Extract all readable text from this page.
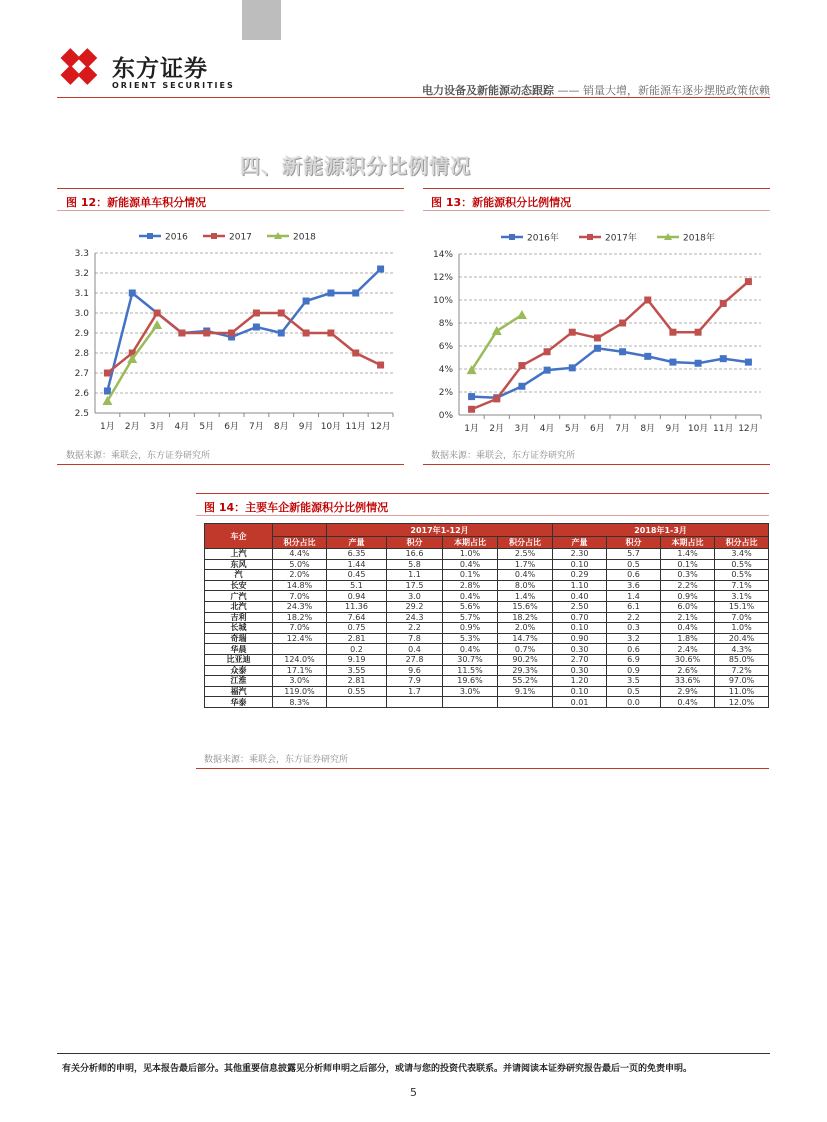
东方证券
ORIENT SECURITIES	电力设备及新能源动态跟踪 —— 销量大增，新能源车逐步摆脱政策依赖
四、新能源积分比例情况
图 12：新能源单车积分情况
2016	2017	2018
2.5
2.6
2.7
2.8
2.9
3.0
3.1
3.2
3.3
1月 2月 3月 4月 5月 6月 7月 8月 9月 10月 11月 12月
数据来源：乘联会，东方证券研究所
图 13：新能源积分比例情况
2016年	2017年	2018年
0%
2%
4%
6%
8%
10%
12%
14%
1月 2月 3月 4月 5月 6月 7月 8月 9月 10月 11月 12月
数据来源：乘联会，东方证券研究所
图 14：主要车企新能源积分比例情况
车企		2017年1-12月				2018年1-3月			
	积分占比	产量	积分	本期占比	积分占比	产量	积分	本期占比	积分占比
上汽	4.4%	6.35	16.6	1.0%	2.5%	2.30	5.7	1.4%	3.4%
东风	5.0%	1.44	5.8	0.4%	1.7%	0.10	0.5	0.1%	0.5%
汽	2.0%	0.45	1.1	0.1%	0.4%	0.29	0.6	0.3%	0.5%
长安	14.8%	5.1	17.5	2.8%	8.0%	1.10	3.6	2.2%	7.1%
广汽	7.0%	0.94	3.0	0.4%	1.4%	0.40	1.4	0.9%	3.1%
北汽	24.3%	11.36	29.2	5.6%	15.6%	2.50	6.1	6.0%	15.1%
吉利	18.2%	7.64	24.3	5.7%	18.2%	0.70	2.2	2.1%	7.0%
长城	7.0%	0.75	2.2	0.9%	2.0%	0.10	0.3	0.4%	1.0%
奇瑞	12.4%	2.81	7.8	5.3%	14.7%	0.90	3.2	1.8%	20.4%
华晨		0.2	0.4	0.4%	0.7%	0.30	0.6	2.4%	4.3%
比亚迪	124.0%	9.19	27.8	30.7%	90.2%	2.70	6.9	30.6%	85.0%
众泰	17.1%	3.55	9.6	11.5%	29.3%	0.30	0.9	2.6%	7.2%
江淮	3.0%	2.81	7.9	19.6%	55.2%	1.20	3.5	33.6%	97.0%
福汽	119.0%	0.55	1.7	3.0%	9.1%	0.10	0.5	2.9%	11.0%
华泰	8.3%					0.01	0.0	0.4%	12.0%
数据来源：乘联会，东方证券研究所
有关分析师的申明，见本报告最后部分。其他重要信息披露见分析师申明之后部分，或请与您的投资代表联系。并请阅读本证券研究报告最后一页的免责申明。
5
